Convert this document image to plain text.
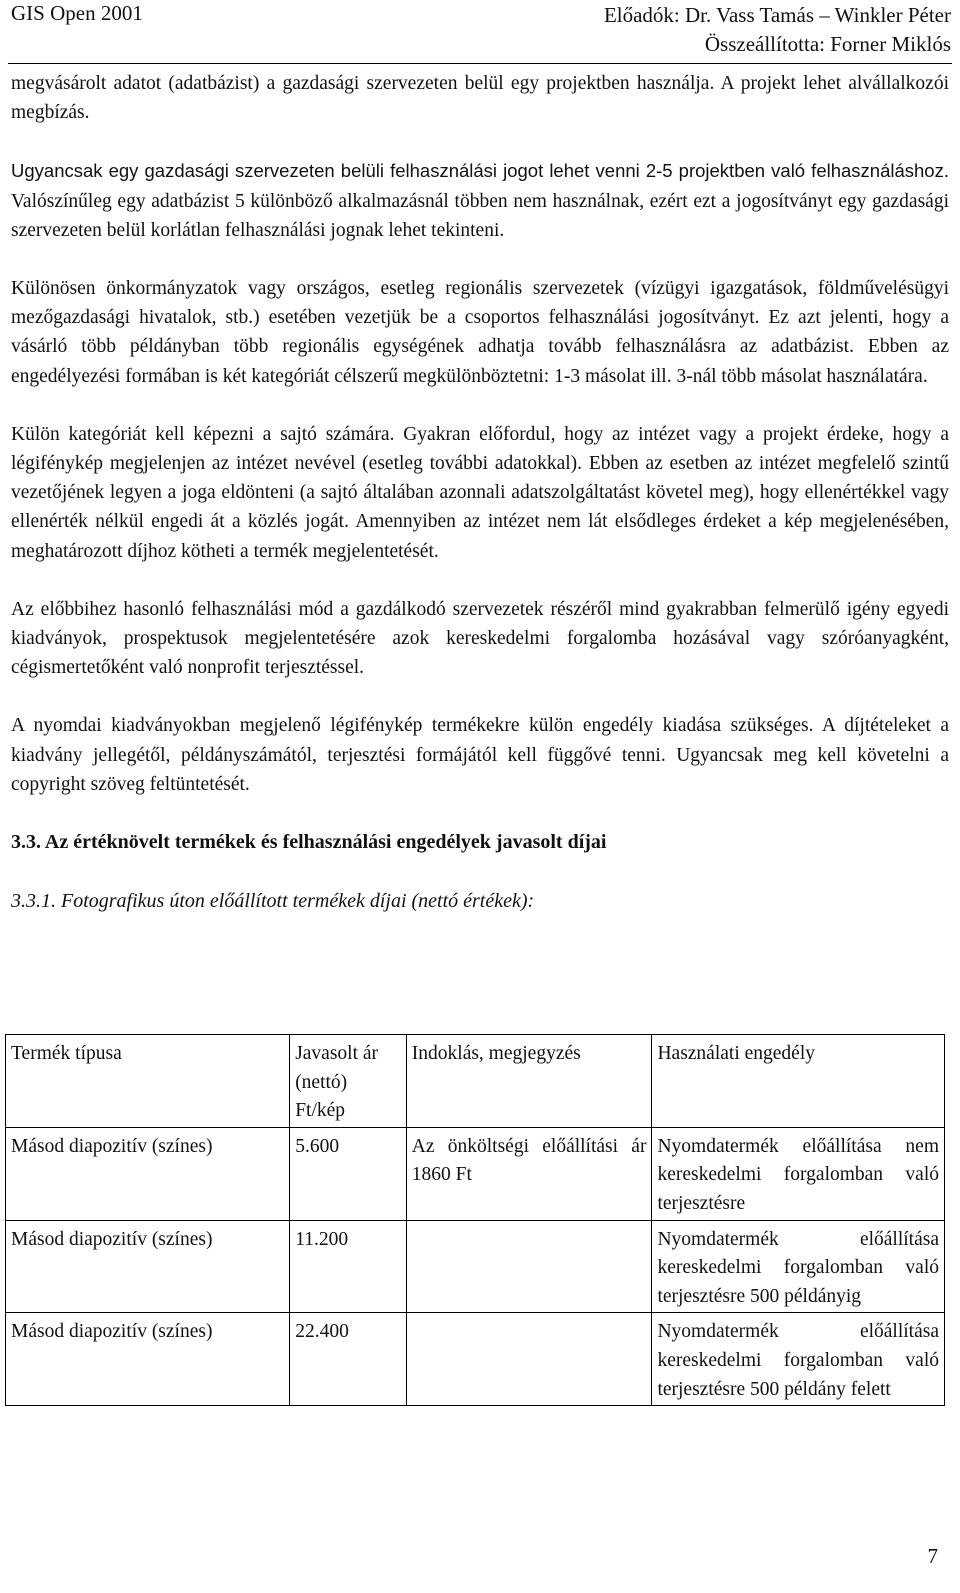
GIS Open 2001	Előadók: Dr. Vass Tamás – Winkler Péter
Összeállította: Forner Miklós

megvásárolt adatot (adatbázist) a gazdasági szervezeten belül egy projektben használja. A projekt lehet alvállalkozói megbízás.

Ugyancsak egy gazdasági szervezeten belüli felhasználási jogot lehet venni 2-5 projektben való felhasználáshoz. Valószínűleg egy adatbázist 5 különböző alkalmazásnál többen nem használnak, ezért ezt a jogosítványt egy gazdasági szervezeten belül korlátlan felhasználási jognak lehet tekinteni.

Különösen önkormányzatok vagy országos, esetleg regionális szervezetek (vízügyi igazgatások, földművelésügyi mezőgazdasági hivatalok, stb.) esetében vezetjük be a csoportos felhasználási jogosítványt. Ez azt jelenti, hogy a vásárló több példányban több regionális egységének adhatja tovább felhasználásra az adatbázist. Ebben az engedélyezési formában is két kategóriát célszerű megkülönböztetni: 1-3 másolat ill. 3-nál több másolat használatára.

Külön kategóriát kell képezni a sajtó számára. Gyakran előfordul, hogy az intézet vagy a projekt érdeke, hogy a légifénykép megjelenjen az intézet nevével (esetleg további adatokkal). Ebben az esetben az intézet megfelelő szintű vezetőjének legyen a joga eldönteni (a sajtó általában azonnali adatszolgáltatást követel meg), hogy ellenértékkel vagy ellenérték nélkül engedi át a közlés jogát. Amennyiben az intézet nem lát elsődleges érdeket a kép megjelenésében, meghatározott díjhoz kötheti a termék megjelentetését.

Az előbbihez hasonló felhasználási mód a gazdálkodó szervezetek részéről mind gyakrabban felmerülő igény egyedi kiadványok, prospektusok megjelentetésére azok kereskedelmi forgalomba hozásával vagy szóróanyagként, cégismertetőként való nonprofit terjesztéssel.

A nyomdai kiadványokban megjelenő légifénykép termékekre külön engedély kiadása szükséges. A díjtételeket a kiadvány jellegétől, példányszámától, terjesztési formájától kell függővé tenni. Ugyancsak meg kell követelni a copyright szöveg feltüntetését.

3.3. Az értéknövelt termékek és felhasználási engedélyek javasolt díjai
3.3.1. Fotografikus úton előállított termékek díjai (nettó értékek):
Termék típusa	Javasolt ár (nettó) Ft/kép	Indoklás, megjegyzés	Használati engedély
Másod diapozitív (színes)	5.600	Az önköltségi előállítási ár 1860 Ft	Nyomdatermék előállítása nem kereskedelmi forgalomban való terjesztésre
Másod diapozitív (színes)	11.200		Nyomdatermék előállítása kereskedelmi forgalomban való terjesztésre 500 példányig
Másod diapozitív (színes)	22.400		Nyomdatermék előállítása kereskedelmi forgalomban való terjesztésre 500 példány felett
7
